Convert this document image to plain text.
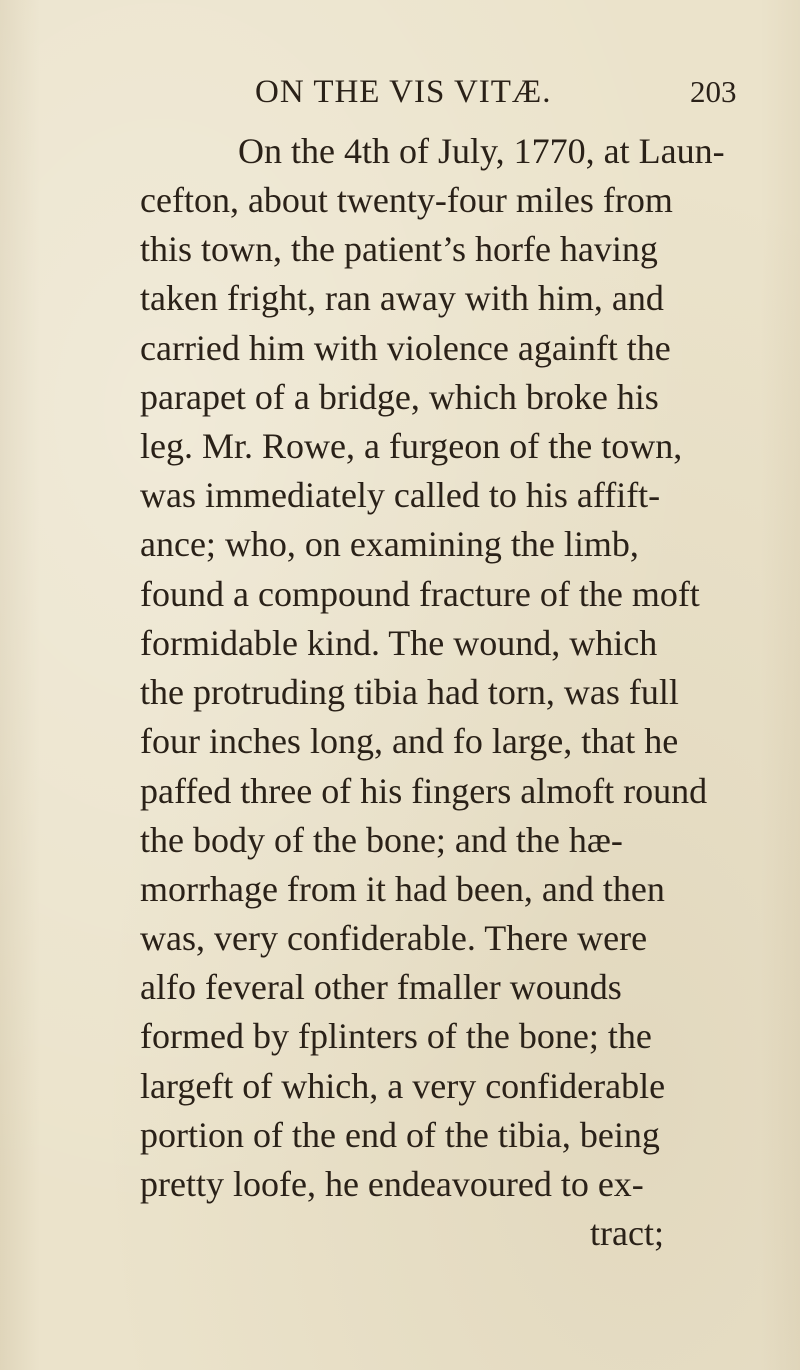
ON THE VIS VITÆ.	203
On the 4th of July, 1770, at Laun-
cefton, about twenty-four miles from
this town, the patient’s horfe having
taken fright, ran away with him, and
carried him with violence againft the
parapet of a bridge, which broke his
leg. Mr. Rowe, a furgeon of the town,
was immediately called to his affift-
ance; who, on examining the limb,
found a compound fracture of the moft
formidable kind. The wound, which
the protruding tibia had torn, was full
four inches long, and fo large, that he
paffed three of his fingers almoft round
the body of the bone; and the hæ-
morrhage from it had been, and then
was, very confiderable. There were
alfo feveral other fmaller wounds
formed by fplinters of the bone; the
largeft of which, a very confiderable
portion of the end of the tibia, being
pretty loofe, he endeavoured to ex-
tract;
